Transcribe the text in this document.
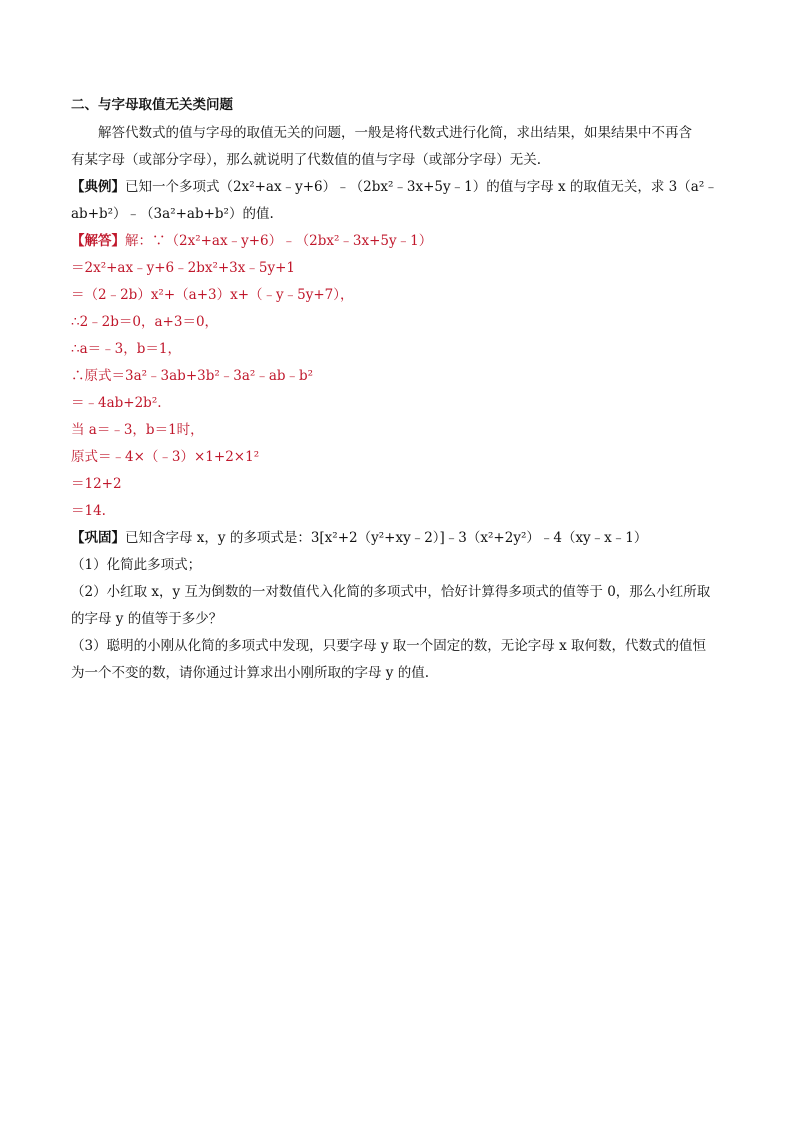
二、与字母取值无关类问题
解答代数式的值与字母的取值无关的问题，一般是将代数式进行化简，求出结果，如果结果中不再含
有某字母（或部分字母），那么就说明了代数值的值与字母（或部分字母）无关.
【典例】已知一个多项式（2x²+ax﹣y+6）﹣（2bx²﹣3x+5y﹣1）的值与字母 x 的取值无关，求 3（a²﹣
ab+b²）﹣（3a²+ab+b²）的值.
【解答】解：∵（2x²+ax﹣y+6）﹣（2bx²﹣3x+5y﹣1）
＝2x²+ax﹣y+6﹣2bx²+3x﹣5y+1
＝（2﹣2b）x²+（a+3）x+（﹣y﹣5y+7），
∴2﹣2b＝0，a+3＝0，
∴a＝﹣3，b＝1，
∴原式＝3a²﹣3ab+3b²﹣3a²﹣ab﹣b²
＝﹣4ab+2b².
当 a＝﹣3，b＝1时，
原式＝﹣4×（﹣3）×1+2×1²
＝12+2
＝14.
【巩固】已知含字母 x，y 的多项式是：3[x²+2（y²+xy﹣2）]﹣3（x²+2y²）﹣4（xy﹣x﹣1）
（1）化简此多项式；
（2）小红取 x，y 互为倒数的一对数值代入化简的多项式中，恰好计算得多项式的值等于 0，那么小红所取
的字母 y 的值等于多少？
（3）聪明的小刚从化简的多项式中发现，只要字母 y 取一个固定的数，无论字母 x 取何数，代数式的值恒
为一个不变的数，请你通过计算求出小刚所取的字母 y 的值.
